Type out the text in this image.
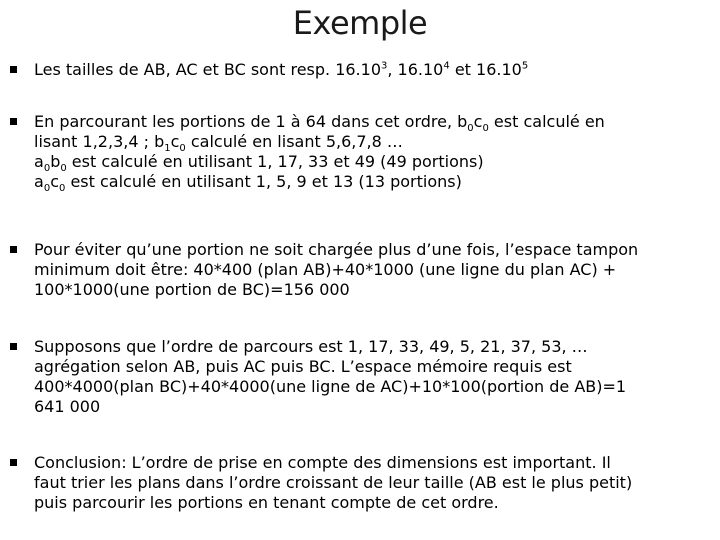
Exemple
Les tailles de AB, AC et BC sont resp. 16.10$^3$, 16.10$^4$ et 16.10$^5$
En parcourant les portions de 1 à 64 dans cet ordre, $b_0c_0$ est calculé en
lisant 1,2,3,4 ; $b_1c_0$ calculé en lisant 5,6,7,8 …
$a_0b_0$ est calculé en utilisant 1, 17, 33 et 49 (49 portions)
$a_0c_0$ est calculé en utilisant 1, 5, 9 et 13 (13 portions)
Pour éviter qu’une portion ne soit chargée plus d’une fois, l’espace tampon
minimum doit être: 40*400 (plan AB)+40*1000 (une ligne du plan AC) +
100*1000(une portion de BC)=156 000
Supposons que l’ordre de parcours est 1, 17, 33, 49, 5, 21, 37, 53, …
agrégation selon AB, puis AC puis BC. L’espace mémoire requis est
400*4000(plan BC)+40*4000(une ligne de AC)+10*100(portion de AB)=1
641 000
Conclusion: L’ordre de prise en compte des dimensions est important. Il
faut trier les plans dans l’ordre croissant de leur taille (AB est le plus petit)
puis parcourir les portions en tenant compte de cet ordre.
